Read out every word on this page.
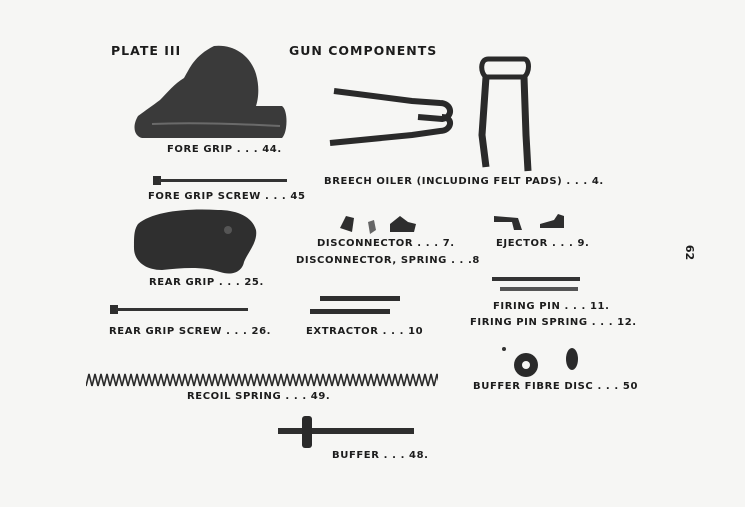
PLATE III	GUN COMPONENTS
62
FORE GRIP . . . 44.
FORE GRIP SCREW . . . 45
BREECH OILER (INCLUDING FELT PADS) . . . 4.
REAR GRIP . . . 25.
DISCONNECTOR . . . 7.
DISCONNECTOR, SPRING . . .8
EJECTOR . . . 9.
FIRING PIN . . . 11.
FIRING PIN SPRING . . . 12.
REAR GRIP SCREW . . . 26.	EXTRACTOR . . . 10
BUFFER FIBRE DISC . . . 50
RECOIL SPRING . . . 49.
BUFFER . . . 48.
